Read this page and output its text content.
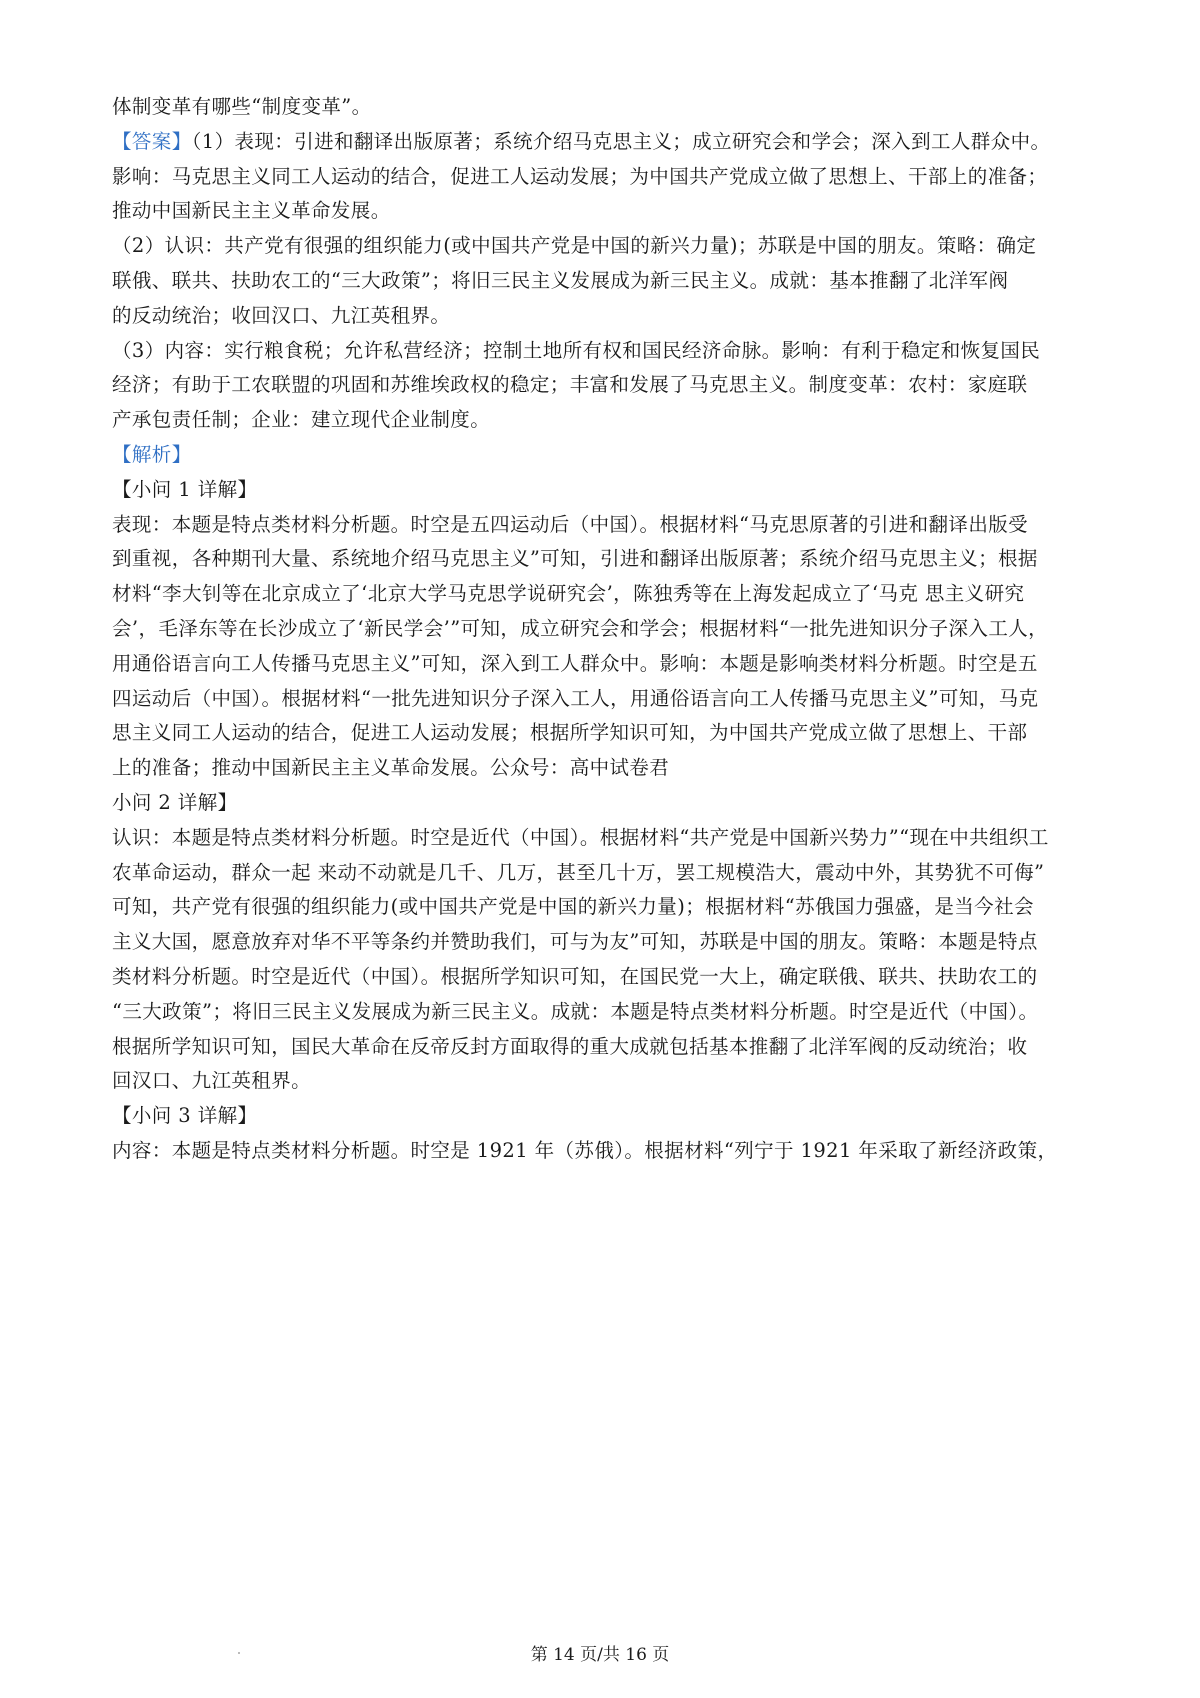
体制变革有哪些“制度变革”。
【答案】（1）表现：引进和翻译出版原著；系统介绍马克思主义；成立研究会和学会；深入到工人群众中。
影响：马克思主义同工人运动的结合，促进工人运动发展；为中国共产党成立做了思想上、干部上的准备；
推动中国新民主主义革命发展。
（2）认识：共产党有很强的组织能力(或中国共产党是中国的新兴力量)；苏联是中国的朋友。策略：确定
联俄、联共、扶助农工的“三大政策”；将旧三民主义发展成为新三民主义。成就：基本推翻了北洋军阀
的反动统治；收回汉口、九江英租界。
（3）内容：实行粮食税；允许私营经济；控制土地所有权和国民经济命脉。影响：有利于稳定和恢复国民
经济；有助于工农联盟的巩固和苏维埃政权的稳定；丰富和发展了马克思主义。制度变革：农村：家庭联
产承包责任制；企业：建立现代企业制度。
【解析】
【小问 1 详解】
表现：本题是特点类材料分析题。时空是五四运动后（中国）。根据材料“马克思原著的引进和翻译出版受
到重视，各种期刊大量、系统地介绍马克思主义”可知，引进和翻译出版原著；系统介绍马克思主义；根据
材料“李大钊等在北京成立了‘北京大学马克思学说研究会’，陈独秀等在上海发起成立了‘马克 思主义研究
会’，毛泽东等在长沙成立了‘新民学会’”可知，成立研究会和学会；根据材料“一批先进知识分子深入工人，
用通俗语言向工人传播马克思主义”可知，深入到工人群众中。影响：本题是影响类材料分析题。时空是五
四运动后（中国）。根据材料“一批先进知识分子深入工人，用通俗语言向工人传播马克思主义”可知，马克
思主义同工人运动的结合，促进工人运动发展；根据所学知识可知，为中国共产党成立做了思想上、干部
上的准备；推动中国新民主主义革命发展。公众号：高中试卷君
小问 2 详解】
认识：本题是特点类材料分析题。时空是近代（中国）。根据材料“共产党是中国新兴势力”“现在中共组织工
农革命运动，群众一起 来动不动就是几千、几万，甚至几十万，罢工规模浩大，震动中外，其势犹不可侮”
可知，共产党有很强的组织能力(或中国共产党是中国的新兴力量)；根据材料“苏俄国力强盛，是当今社会
主义大国，愿意放弃对华不平等条约并赞助我们，可与为友”可知，苏联是中国的朋友。策略：本题是特点
类材料分析题。时空是近代（中国）。根据所学知识可知，在国民党一大上，确定联俄、联共、扶助农工的
“三大政策”；将旧三民主义发展成为新三民主义。成就：本题是特点类材料分析题。时空是近代（中国）。
根据所学知识可知，国民大革命在反帝反封方面取得的重大成就包括基本推翻了北洋军阀的反动统治；收
回汉口、九江英租界。
【小问 3 详解】
内容：本题是特点类材料分析题。时空是 1921 年（苏俄）。根据材料“列宁于 1921 年采取了新经济政策，
第 14 页/共 16 页
